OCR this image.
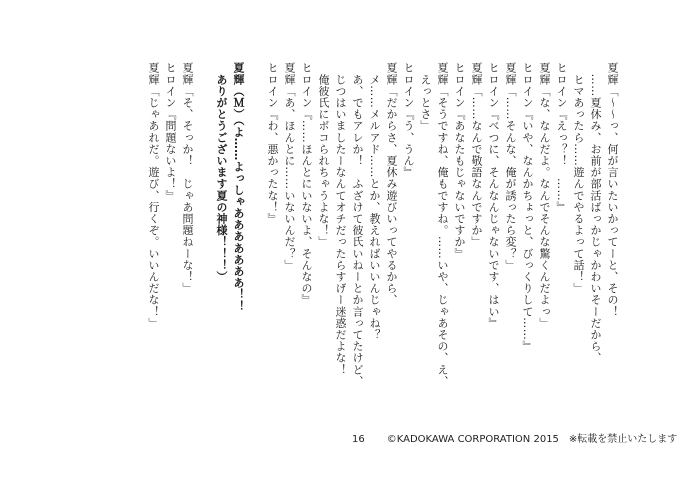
夏輝「〜〜っ、何が言いたいかってーと、その！
　……夏休み、お前が部活ばっかじゃかわいそーだから、
　ヒマあったら……遊んでやるよって話！」
ヒロイン『えっ？！　……』
夏輝「な、なんだよ。なんでそんな驚くんだよっ」
ヒロイン『いや、なんかちょっと、びっくりして……』
夏輝「……そんな、俺が誘ったら変？」
ヒロイン『べつに、そんなんじゃないです、はい』
夏輝「……なんで敬語なんですか」
ヒロイン『あなたもじゃないですか』
夏輝「そうですね、俺もですね。……いや、じゃあその、え、
　えっとさ」
ヒロイン『う、うん』
夏輝「だからさ、夏休み遊びいってやるから、
　メ……メルアド……とか、教えればいいんじゃね？
　あ、でもアレか！　ふざけて彼氏いねーとか言ってたけど、
　じつはいましたーなんてオチだったらすげー迷惑だよな！
　俺彼氏にボコられちゃうよな！」
ヒロイン『……ほんとにいないよ、そんなの』
夏輝「あ、ほんとに……いないんだ？」
ヒロイン『わ、悪かったな！』
夏輝（Ｍ）（よ……よっしゃあああああああ！！
　ありがとうございます夏の神様！！！）
夏輝「そ、そっか！　じゃあ問題ねーな！」
ヒロイン『問題ないよ！』
夏輝「じゃあれだ。遊び、行くぞ。いいんだな！」
16 ©KADOKAWA CORPORATION 2015　※転載を禁止いたします
